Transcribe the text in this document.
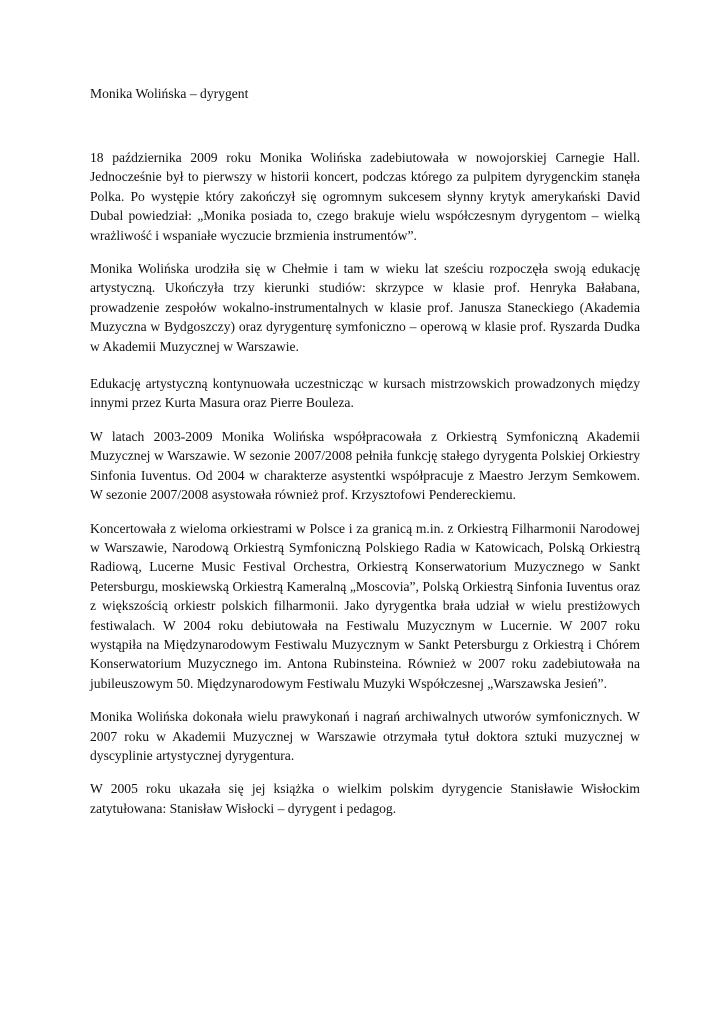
Monika Wolińska – dyrygent

18 października 2009 roku Monika Wolińska zadebiutowała w nowojorskiej Carnegie Hall. Jednocześnie był to pierwszy w historii koncert, podczas którego za pulpitem dyrygenckim stanęła Polka. Po występie który zakończył się ogromnym sukcesem słynny krytyk amerykański David Dubal powiedział: „Monika posiada to, czego brakuje wielu współczesnym dyrygentom – wielką wrażliwość i wspaniałe wyczucie brzmienia instrumentów”.

Monika Wolińska urodziła się w Chełmie i tam w wieku lat sześciu rozpoczęła swoją edukację artystyczną. Ukończyła trzy kierunki studiów: skrzypce w klasie prof. Henryka Bałabana, prowadzenie zespołów wokalno-instrumentalnych w klasie prof. Janusza Staneckiego (Akademia Muzyczna w Bydgoszczy) oraz dyrygenturę symfoniczno – operową w klasie prof. Ryszarda Dudka w Akademii Muzycznej w Warszawie.

Edukację artystyczną kontynuowała uczestnicząc w kursach mistrzowskich prowadzonych między innymi przez Kurta Masura oraz Pierre Bouleza.

W latach 2003-2009 Monika Wolińska współpracowała z Orkiestrą Symfoniczną Akademii Muzycznej w Warszawie. W sezonie 2007/2008 pełniła funkcję stałego dyrygenta Polskiej Orkiestry Sinfonia Iuventus. Od 2004 w charakterze asystentki współpracuje z Maestro Jerzym Semkowem. W sezonie 2007/2008 asystowała również prof. Krzysztofowi Pendereckiemu.

Koncertowała z wieloma orkiestrami w Polsce i za granicą m.in. z Orkiestrą Filharmonii Narodowej w Warszawie, Narodową Orkiestrą Symfoniczną Polskiego Radia w Katowicach, Polską Orkiestrą Radiową, Lucerne Music Festival Orchestra, Orkiestrą Konserwatorium Muzycznego w Sankt Petersburgu, moskiewską Orkiestrą Kameralną „Moscovia”, Polską Orkiestrą Sinfonia Iuventus oraz z większością orkiestr polskich filharmonii. Jako dyrygentka brała udział w wielu prestiżowych festiwalach. W 2004 roku debiutowała na Festiwalu Muzycznym w Lucernie. W 2007 roku wystąpiła na Międzynarodowym Festiwalu Muzycznym w Sankt Petersburgu z Orkiestrą i Chórem Konserwatorium Muzycznego im. Antona Rubinsteina. Również w 2007 roku zadebiutowała na jubileuszowym 50. Międzynarodowym Festiwalu Muzyki Współczesnej „Warszawska Jesień”.

Monika Wolińska dokonała wielu prawykonań i nagrań archiwalnych utworów symfonicznych. W 2007 roku w Akademii Muzycznej w Warszawie otrzymała tytuł doktora sztuki muzycznej w dyscyplinie artystycznej dyrygentura.

W 2005 roku ukazała się jej książka o wielkim polskim dyrygencie Stanisławie Wisłockim zatytułowana: Stanisław Wisłocki – dyrygent i pedagog.
